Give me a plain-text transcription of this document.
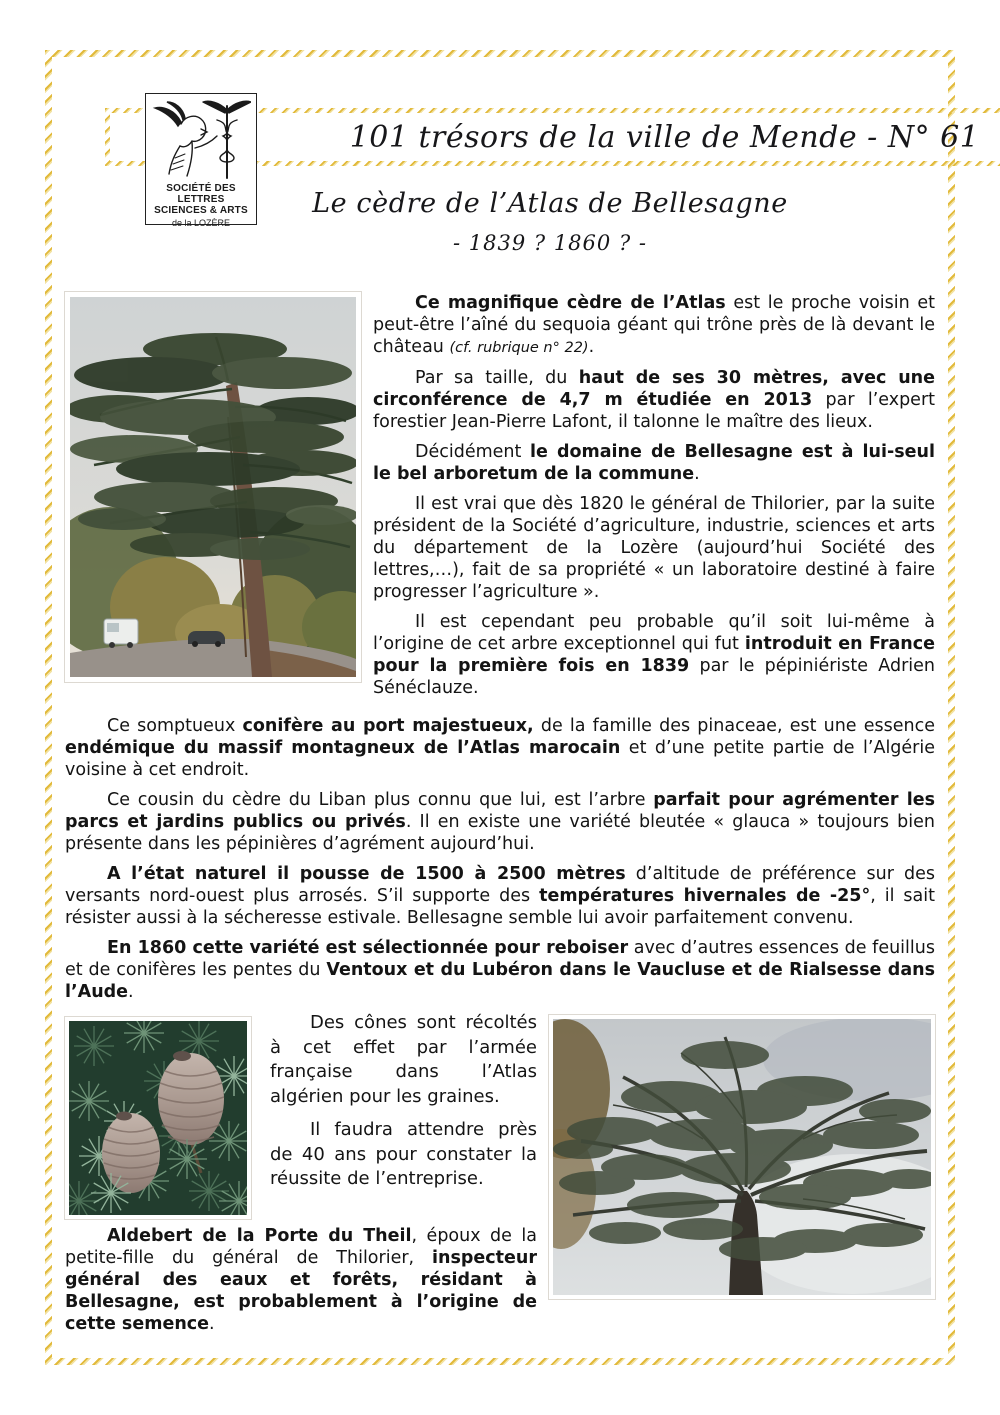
101 trésors de la ville de Mende - N° 61
SOCIÉTÉ DES LETTRES
SCIENCES & ARTS
de la LOZÈRE
Le cèdre de l’Atlas de Bellesagne
- 1839 ? 1860 ? -

Ce magnifique cèdre de l’Atlas est le proche voisin et peut-être l’aîné du sequoia géant qui trône près de là devant le château (cf. rubrique n° 22).

Par sa taille, du haut de ses 30 mètres, avec une circonférence de 4,7 m étudiée en 2013 par l’expert forestier Jean-Pierre Lafont, il talonne le maître des lieux.

Décidément le domaine de Bellesagne est à lui-seul le bel arboretum de la commune.

Il est vrai que dès 1820 le général de Thilorier, par la suite président de la Société d’agriculture, industrie, sciences et arts du département de la Lozère (aujourd’hui Société des lettres,…), fait de sa propriété « un laboratoire destiné à faire progresser l’agriculture ».

Il est cependant peu probable qu’il soit lui-même à l’origine de cet arbre exceptionnel qui fut introduit en France pour la première fois en 1839 par le pépiniériste Adrien Sénéclauze.

Ce somptueux conifère au port majestueux, de la famille des pinaceae, est une essence endémique du massif montagneux de l’Atlas marocain et d’une petite partie de l’Algérie voisine à cet endroit.

Ce cousin du cèdre du Liban plus connu que lui, est l’arbre parfait pour agrémenter les parcs et jardins publics ou privés. Il en existe une variété bleutée « glauca » toujours bien présente dans les pépinières d’agrément aujourd’hui.

A l’état naturel il pousse de 1500 à 2500 mètres d’altitude de préférence sur des versants nord-ouest plus arrosés. S’il supporte des températures hivernales de -25°, il sait résister aussi à la sécheresse estivale. Bellesagne semble lui avoir parfaitement convenu.

En 1860 cette variété est sélectionnée pour reboiser avec d’autres essences de feuillus et de conifères les pentes du Ventoux et du Lubéron dans le Vaucluse et de Rialsesse dans l’Aude.

Des cônes sont récoltés à cet effet par l’armée française dans l’Atlas algérien pour les graines.

Il faudra attendre près de 40 ans pour constater la réussite de l’entreprise.

Aldebert de la Porte du Theil, époux de la petite-fille du général de Thilorier, inspecteur général des eaux et forêts, résidant à Bellesagne, est probablement à l’origine de cette semence.
